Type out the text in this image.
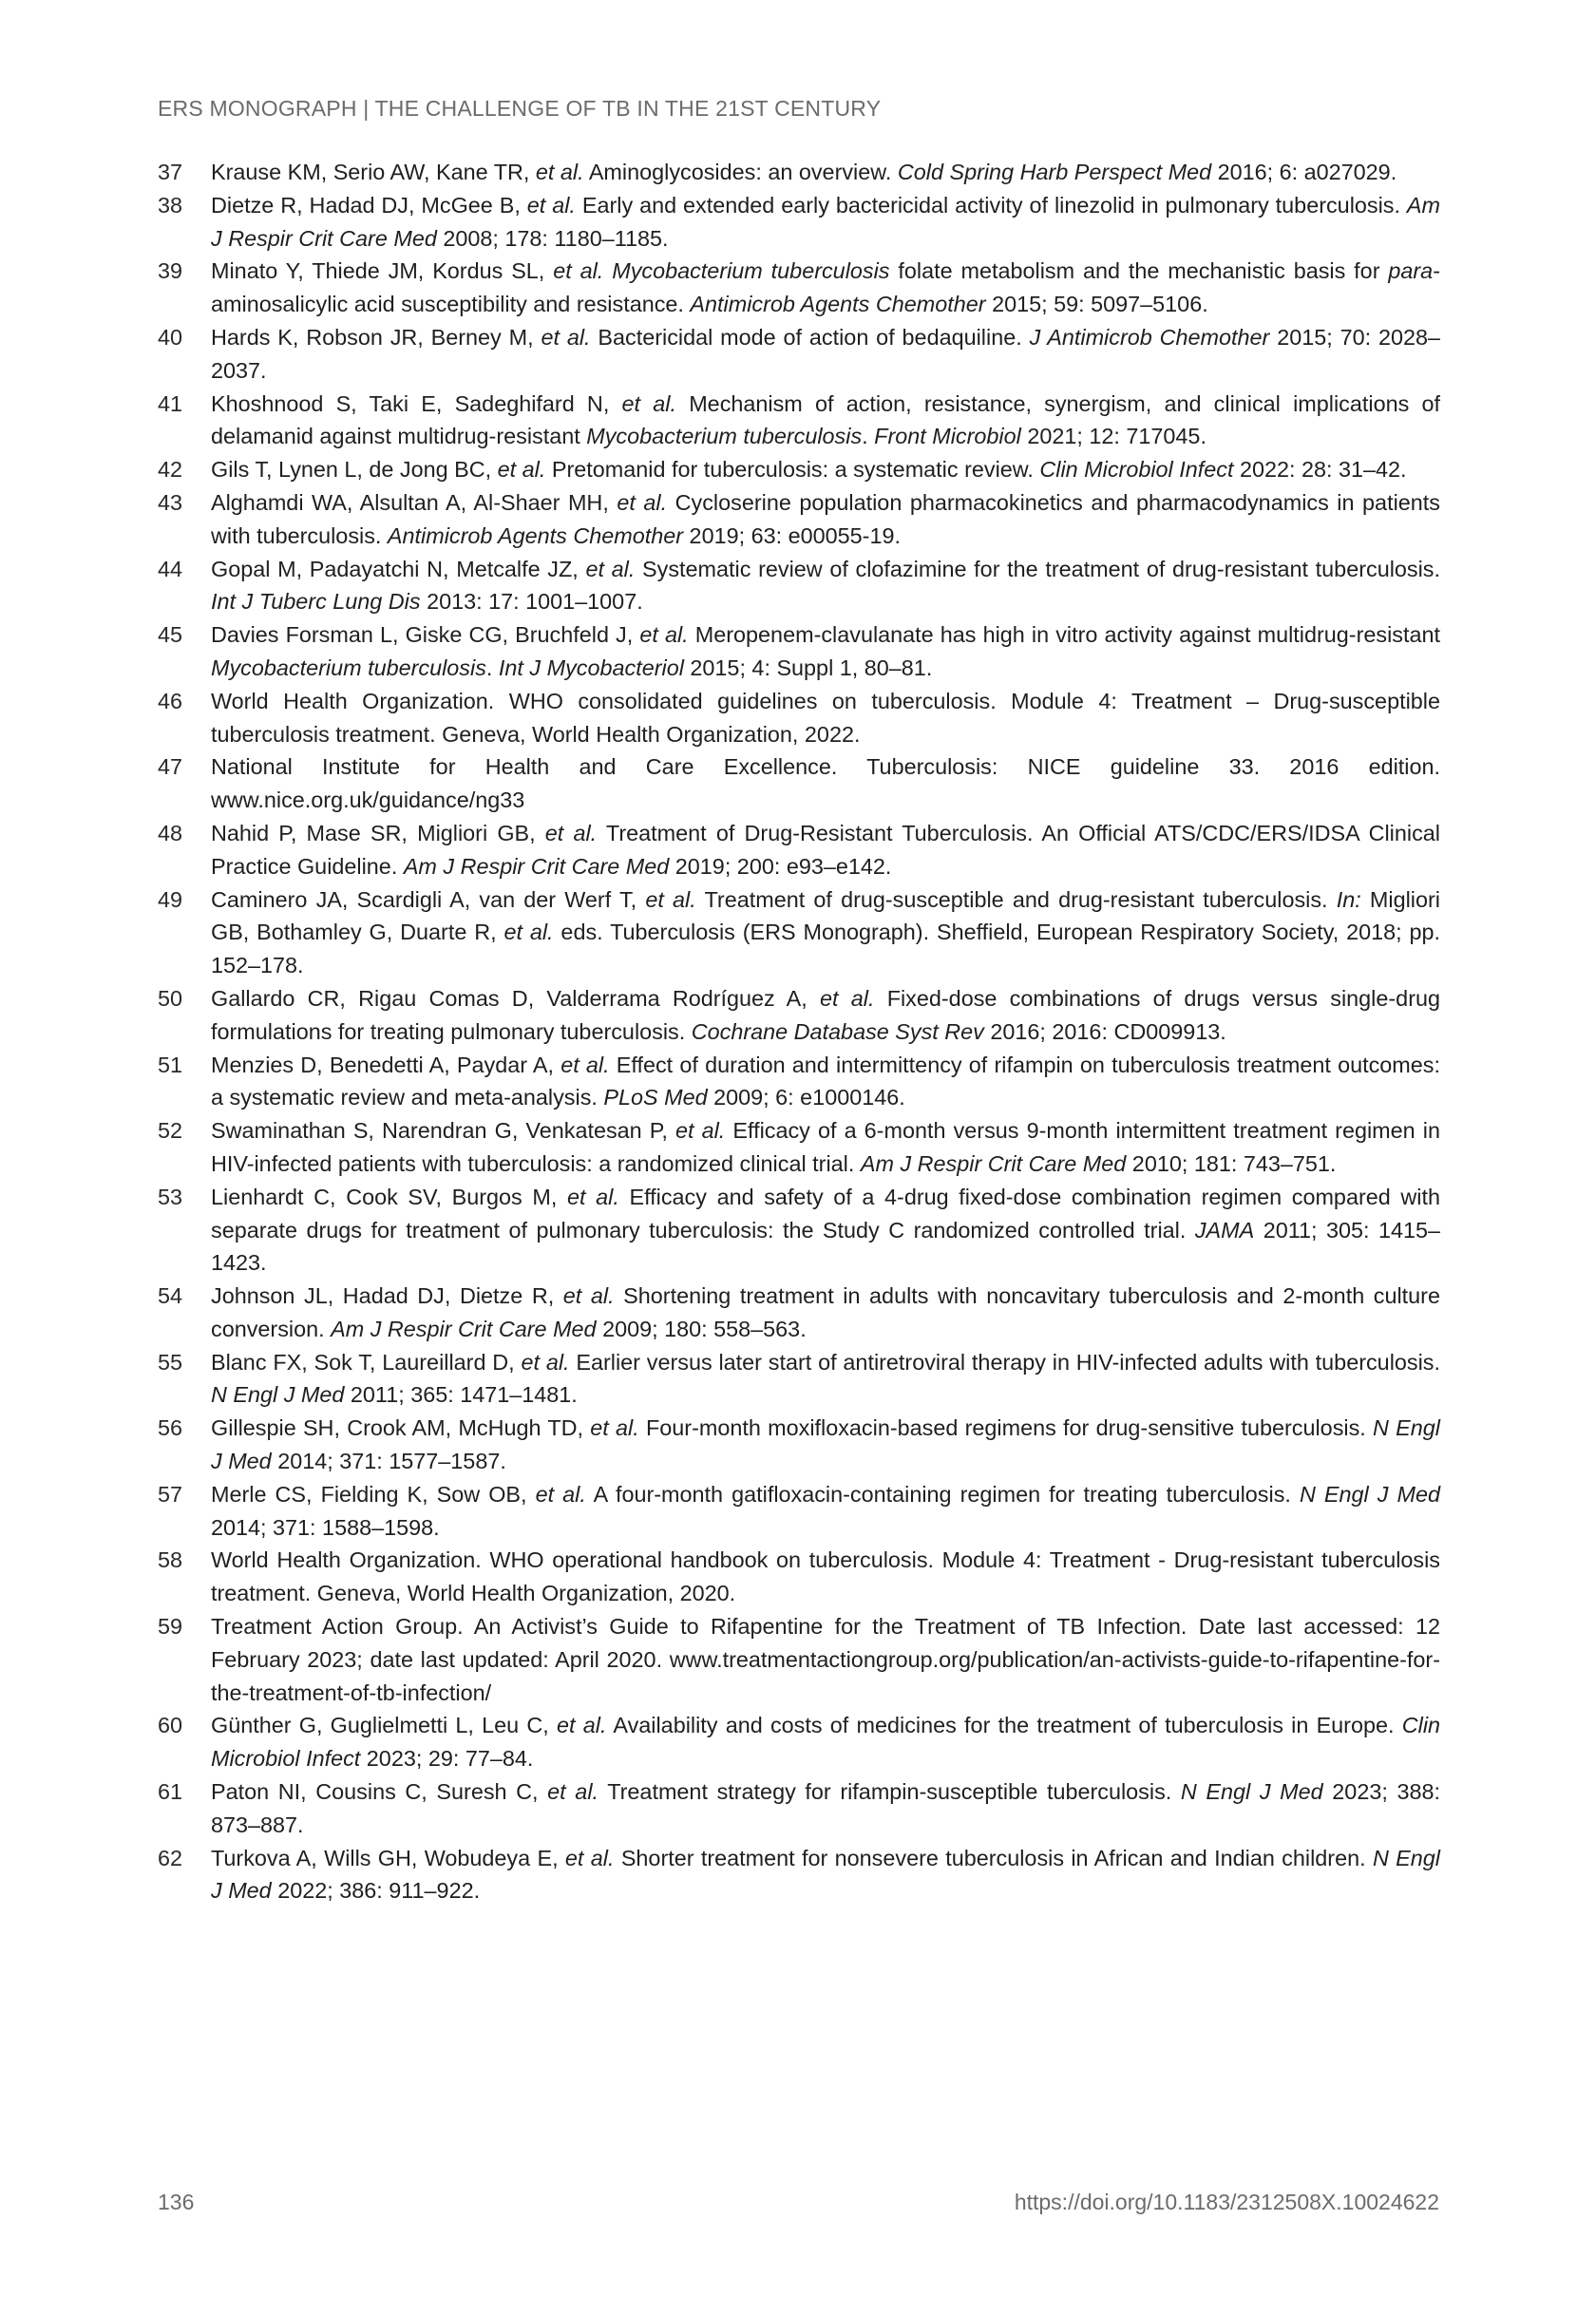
ERS MONOGRAPH | THE CHALLENGE OF TB IN THE 21ST CENTURY
37	Krause KM, Serio AW, Kane TR, et al. Aminoglycosides: an overview. Cold Spring Harb Perspect Med 2016; 6: a027029.
38	Dietze R, Hadad DJ, McGee B, et al. Early and extended early bactericidal activity of linezolid in pulmonary tuberculosis. Am J Respir Crit Care Med 2008; 178: 1180–1185.
39	Minato Y, Thiede JM, Kordus SL, et al. Mycobacterium tuberculosis folate metabolism and the mechanistic basis for para-aminosalicylic acid susceptibility and resistance. Antimicrob Agents Chemother 2015; 59: 5097–5106.
40	Hards K, Robson JR, Berney M, et al. Bactericidal mode of action of bedaquiline. J Antimicrob Chemother 2015; 70: 2028–2037.
41	Khoshnood S, Taki E, Sadeghifard N, et al. Mechanism of action, resistance, synergism, and clinical implications of delamanid against multidrug-resistant Mycobacterium tuberculosis. Front Microbiol 2021; 12: 717045.
42	Gils T, Lynen L, de Jong BC, et al. Pretomanid for tuberculosis: a systematic review. Clin Microbiol Infect 2022: 28: 31–42.
43	Alghamdi WA, Alsultan A, Al-Shaer MH, et al. Cycloserine population pharmacokinetics and pharmacodynamics in patients with tuberculosis. Antimicrob Agents Chemother 2019; 63: e00055-19.
44	Gopal M, Padayatchi N, Metcalfe JZ, et al. Systematic review of clofazimine for the treatment of drug-resistant tuberculosis. Int J Tuberc Lung Dis 2013: 17: 1001–1007.
45	Davies Forsman L, Giske CG, Bruchfeld J, et al. Meropenem-clavulanate has high in vitro activity against multidrug-resistant Mycobacterium tuberculosis. Int J Mycobacteriol 2015; 4: Suppl 1, 80–81.
46	World Health Organization. WHO consolidated guidelines on tuberculosis. Module 4: Treatment – Drug-susceptible tuberculosis treatment. Geneva, World Health Organization, 2022.
47	National Institute for Health and Care Excellence. Tuberculosis: NICE guideline 33. 2016 edition. www.nice.org.uk/guidance/ng33
48	Nahid P, Mase SR, Migliori GB, et al. Treatment of Drug-Resistant Tuberculosis. An Official ATS/CDC/ERS/IDSA Clinical Practice Guideline. Am J Respir Crit Care Med 2019; 200: e93–e142.
49	Caminero JA, Scardigli A, van der Werf T, et al. Treatment of drug-susceptible and drug-resistant tuberculosis. In: Migliori GB, Bothamley G, Duarte R, et al. eds. Tuberculosis (ERS Monograph). Sheffield, European Respiratory Society, 2018; pp. 152–178.
50	Gallardo CR, Rigau Comas D, Valderrama Rodríguez A, et al. Fixed-dose combinations of drugs versus single-drug formulations for treating pulmonary tuberculosis. Cochrane Database Syst Rev 2016; 2016: CD009913.
51	Menzies D, Benedetti A, Paydar A, et al. Effect of duration and intermittency of rifampin on tuberculosis treatment outcomes: a systematic review and meta-analysis. PLoS Med 2009; 6: e1000146.
52	Swaminathan S, Narendran G, Venkatesan P, et al. Efficacy of a 6-month versus 9-month intermittent treatment regimen in HIV-infected patients with tuberculosis: a randomized clinical trial. Am J Respir Crit Care Med 2010; 181: 743–751.
53	Lienhardt C, Cook SV, Burgos M, et al. Efficacy and safety of a 4-drug fixed-dose combination regimen compared with separate drugs for treatment of pulmonary tuberculosis: the Study C randomized controlled trial. JAMA 2011; 305: 1415–1423.
54	Johnson JL, Hadad DJ, Dietze R, et al. Shortening treatment in adults with noncavitary tuberculosis and 2-month culture conversion. Am J Respir Crit Care Med 2009; 180: 558–563.
55	Blanc FX, Sok T, Laureillard D, et al. Earlier versus later start of antiretroviral therapy in HIV-infected adults with tuberculosis. N Engl J Med 2011; 365: 1471–1481.
56	Gillespie SH, Crook AM, McHugh TD, et al. Four-month moxifloxacin-based regimens for drug-sensitive tuberculosis. N Engl J Med 2014; 371: 1577–1587.
57	Merle CS, Fielding K, Sow OB, et al. A four-month gatifloxacin-containing regimen for treating tuberculosis. N Engl J Med 2014; 371: 1588–1598.
58	World Health Organization. WHO operational handbook on tuberculosis. Module 4: Treatment - Drug-resistant tuberculosis treatment. Geneva, World Health Organization, 2020.
59	Treatment Action Group. An Activist’s Guide to Rifapentine for the Treatment of TB Infection. Date last accessed: 12 February 2023; date last updated: April 2020. www.treatmentactiongroup.org/publication/an-activists-guide-to-rifapentine-for-the-treatment-of-tb-infection/
60	Günther G, Guglielmetti L, Leu C, et al. Availability and costs of medicines for the treatment of tuberculosis in Europe. Clin Microbiol Infect 2023; 29: 77–84.
61	Paton NI, Cousins C, Suresh C, et al. Treatment strategy for rifampin-susceptible tuberculosis. N Engl J Med 2023; 388: 873–887.
62	Turkova A, Wills GH, Wobudeya E, et al. Shorter treatment for nonsevere tuberculosis in African and Indian children. N Engl J Med 2022; 386: 911–922.
136	https://doi.org/10.1183/2312508X.10024622
